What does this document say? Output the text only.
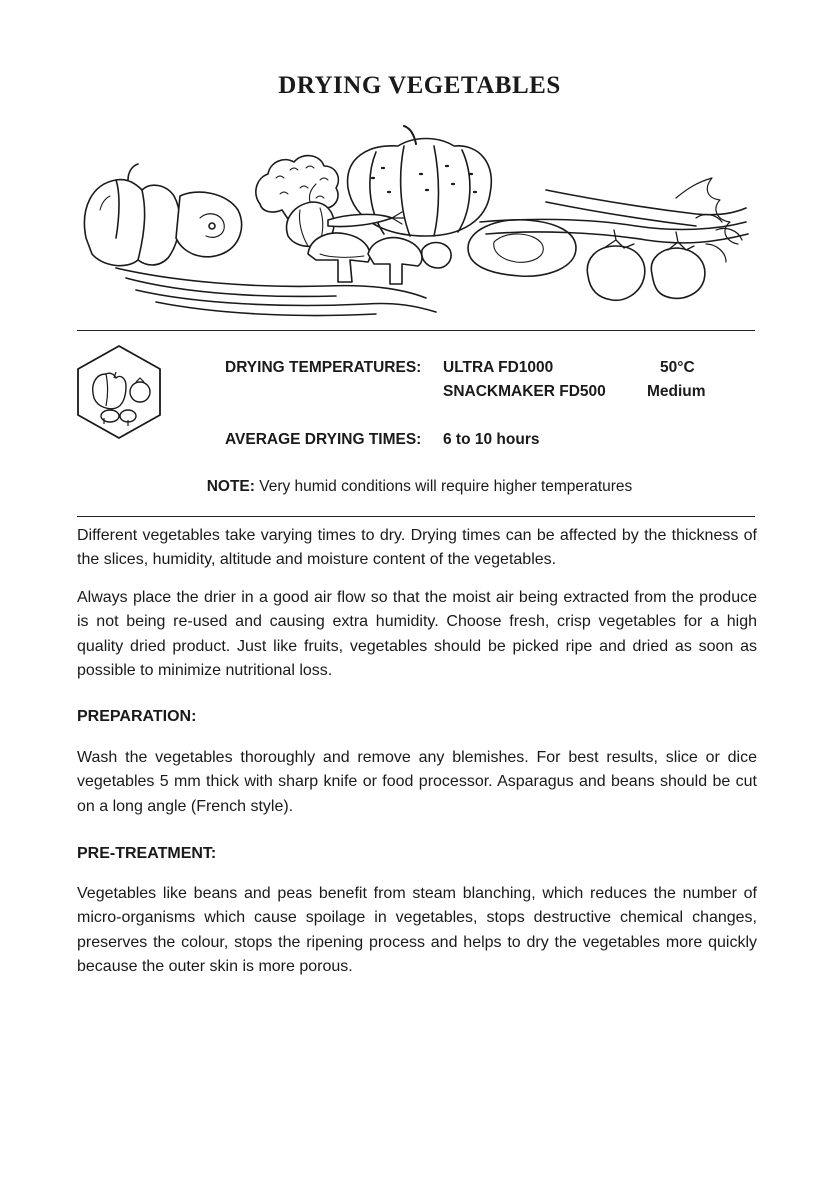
DRYING VEGETABLES
DRYING TEMPERATURES: ULTRA FD1000	50°C
SNACKMAKER FD500	Medium
AVERAGE DRYING TIMES: 6 to 10 hours
NOTE: Very humid conditions will require higher temperatures

Different vegetables take varying times to dry. Drying times can be affected by the thickness of the slices, humidity, altitude and moisture content of the vegetables.

Always place the drier in a good air flow so that the moist air being extracted from the produce is not being re-used and causing extra humidity. Choose fresh, crisp vegetables for a high quality dried product. Just like fruits, vegetables should be picked ripe and dried as soon as possible to minimize nutritional loss.

PREPARATION:

Wash the vegetables thoroughly and remove any blemishes. For best results, slice or dice vegetables 5 mm thick with sharp knife or food processor. Asparagus and beans should be cut on a long angle (French style).

PRE-TREATMENT:

Vegetables like beans and peas benefit from steam blanching, which reduces the number of micro-organisms which cause spoilage in vegetables, stops destructive chemical changes, preserves the colour, stops the ripening process and helps to dry the vegetables more quickly because the outer skin is more porous.
